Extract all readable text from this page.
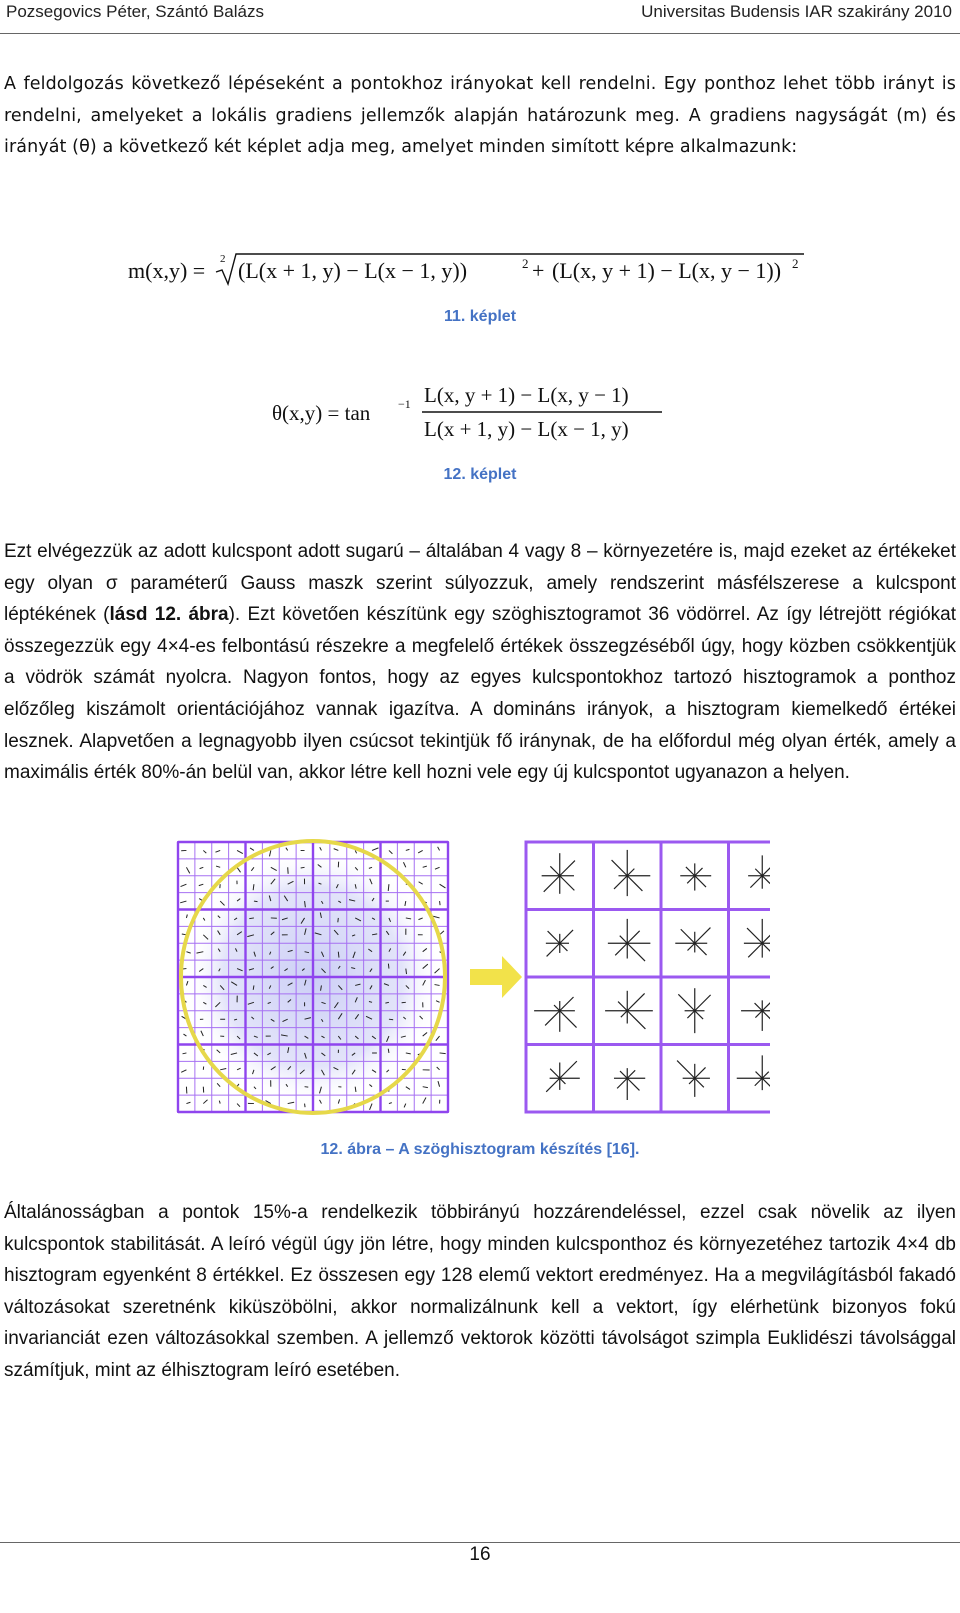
Pozsegovics Péter, Szántó Balázs	Universitas Budensis IAR szakirány 2010

A feldolgozás következő lépéseként a pontokhoz irányokat kell rendelni. Egy ponthoz lehet több irányt is rendelni, amelyeket a lokális gradiens jellemzők alapján határozunk meg. A gradiens nagyságát (m) és irányát (θ) a következő két képlet adja meg, amelyet minden simított képre alkalmazunk:

m(x,y) = 2 (L(x + 1, y) − L(x − 1, y))	2 + (L(x, y + 1) − L(x, y − 1)) 2
11. képlet
θ(x,y) = tan −1 L(x, y + 1) − L(x, y − 1)
L(x + 1, y) − L(x − 1, y)
12. képlet

Ezt elvégezzük az adott kulcspont adott sugarú – általában 4 vagy 8 – környezetére is, majd ezeket az értékeket egy olyan σ paraméterű Gauss maszk szerint súlyozzuk, amely rendszerint másfélszerese a kulcspont léptékének (lásd 12. ábra). Ezt követően készítünk egy szöghisztogramot 36 vödörrel. Az így létrejött régiókat összegezzük egy 4×4-es felbontású részekre a megfelelő értékek összegzéséből úgy, hogy közben csökkentjük a vödrök számát nyolcra. Nagyon fontos, hogy az egyes kulcspontokhoz tartozó hisztogramok a ponthoz előzőleg kiszámolt orientációjához vannak igazítva. A domináns irányok, a hisztogram kiemelkedő értékei lesznek. Alapvetően a legnagyobb ilyen csúcsot tekintjük fő iránynak, de ha előfordul még olyan érték, amely a maximális érték 80%-án belül van, akkor létre kell hozni vele egy új kulcspontot ugyanazon a helyen.

12. ábra – A szöghisztogram készítés [16].

Általánosságban a pontok 15%-a rendelkezik többirányú hozzárendeléssel, ezzel csak növelik az ilyen kulcspontok stabilitását. A leíró végül úgy jön létre, hogy minden kulcsponthoz és környezetéhez tartozik 4×4 db hisztogram egyenként 8 értékkel. Ez összesen egy 128 elemű vektort eredményez. Ha a megvilágításból fakadó változásokat szeretnénk kiküszöbölni, akkor normalizálnunk kell a vektort, így elérhetünk bizonyos fokú invarianciát ezen változásokkal szemben. A jellemző vektorok közötti távolságot szimpla Euklidészi távolsággal számítjuk, mint az élhisztogram leíró esetében.

16
